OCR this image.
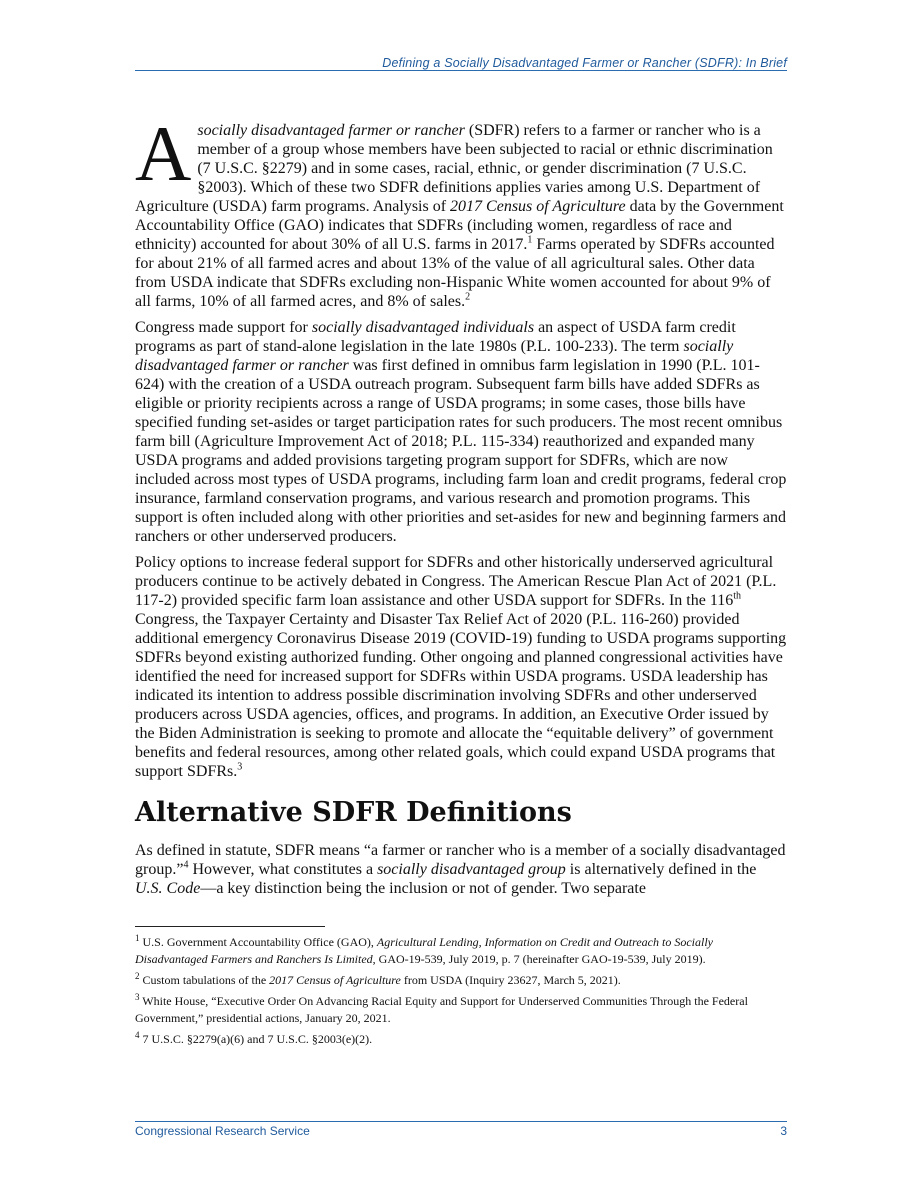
Defining a Socially Disadvantaged Farmer or Rancher (SDFR): In Brief

Asocially disadvantaged farmer or rancher (SDFR) refers to a farmer or rancher who is a member of a group whose members have been subjected to racial or ethnic discrimination (7 U.S.C. §2279) and in some cases, racial, ethnic, or gender discrimination (7 U.S.C. §2003). Which of these two SDFR definitions applies varies among U.S. Department of Agriculture (USDA) farm programs. Analysis of 2017 Census of Agriculture data by the Government Accountability Office (GAO) indicates that SDFRs (including women, regardless of race and ethnicity) accounted for about 30% of all U.S. farms in 2017.$^1$ Farms operated by SDFRs accounted for about 21% of all farmed acres and about 13% of the value of all agricultural sales. Other data from USDA indicate that SDFRs excluding non-Hispanic White women accounted for about 9% of all farms, 10% of all farmed acres, and 8% of sales.$^2$

Congress made support for socially disadvantaged individuals an aspect of USDA farm credit programs as part of stand-alone legislation in the late 1980s (P.L. 100-233). The term socially disadvantaged farmer or rancher was first defined in omnibus farm legislation in 1990 (P.L. 101-624) with the creation of a USDA outreach program. Subsequent farm bills have added SDFRs as eligible or priority recipients across a range of USDA programs; in some cases, those bills have specified funding set-asides or target participation rates for such producers. The most recent omnibus farm bill (Agriculture Improvement Act of 2018; P.L. 115-334) reauthorized and expanded many USDA programs and added provisions targeting program support for SDFRs, which are now included across most types of USDA programs, including farm loan and credit programs, federal crop insurance, farmland conservation programs, and various research and promotion programs. This support is often included along with other priorities and set-asides for new and beginning farmers and ranchers or other underserved producers.

Policy options to increase federal support for SDFRs and other historically underserved agricultural producers continue to be actively debated in Congress. The American Rescue Plan Act of 2021 (P.L. 117-2) provided specific farm loan assistance and other USDA support for SDFRs. In the 116th Congress, the Taxpayer Certainty and Disaster Tax Relief Act of 2020 (P.L. 116-260) provided additional emergency Coronavirus Disease 2019 (COVID-19) funding to USDA programs supporting SDFRs beyond existing authorized funding. Other ongoing and planned congressional activities have identified the need for increased support for SDFRs within USDA programs. USDA leadership has indicated its intention to address possible discrimination involving SDFRs and other underserved producers across USDA agencies, offices, and programs. In addition, an Executive Order issued by the Biden Administration is seeking to promote and allocate the “equitable delivery” of government benefits and federal resources, among other related goals, which could expand USDA programs that support SDFRs.$^3$

Alternative SDFR Definitions

As defined in statute, SDFR means “a farmer or rancher who is a member of a socially disadvantaged group.”$^4$ However, what constitutes a socially disadvantaged group is alternatively defined in the U.S. Code—a key distinction being the inclusion or not of gender. Two separate

$^1$ U.S. Government Accountability Office (GAO), Agricultural Lending, Information on Credit and Outreach to Socially Disadvantaged Farmers and Ranchers Is Limited, GAO-19-539, July 2019, p. 7 (hereinafter GAO-19-539, July 2019).
$^2$ Custom tabulations of the 2017 Census of Agriculture from USDA (Inquiry 23627, March 5, 2021).
$^3$ White House, “Executive Order On Advancing Racial Equity and Support for Underserved Communities Through the Federal Government,” presidential actions, January 20, 2021.
$^4$ 7 U.S.C. §2279(a)(6) and 7 U.S.C. §2003(e)(2).
Congressional Research Service	3
